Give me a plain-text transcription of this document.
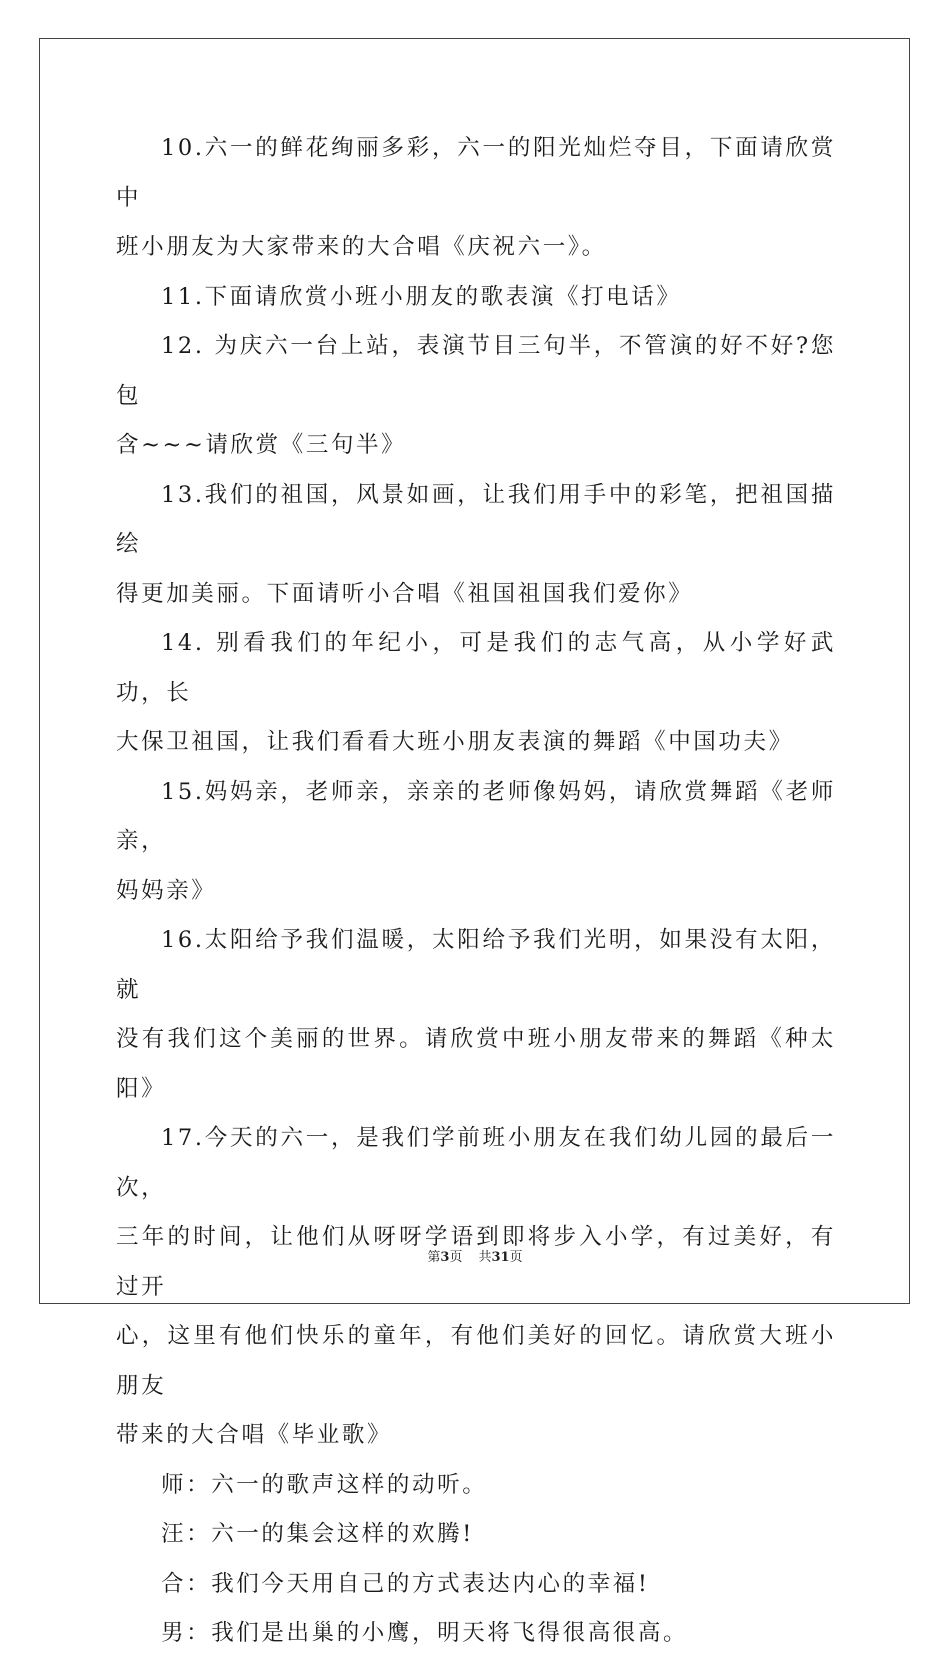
10.六一的鲜花绚丽多彩，六一的阳光灿烂夺目，下面请欣赏中
班小朋友为大家带来的大合唱《庆祝六一》。

11.下面请欣赏小班小朋友的歌表演《打电话》

12. 为庆六一台上站，表演节目三句半，不管演的好不好?您包
含~~~请欣赏《三句半》

13.我们的祖国，风景如画，让我们用手中的彩笔，把祖国描绘
得更加美丽。下面请听小合唱《祖国祖国我们爱你》

14. 别看我们的年纪小，可是我们的志气高，从小学好武功，长
大保卫祖国，让我们看看大班小朋友表演的舞蹈《中国功夫》

15.妈妈亲，老师亲，亲亲的老师像妈妈，请欣赏舞蹈《老师亲，
妈妈亲》

16.太阳给予我们温暖，太阳给予我们光明，如果没有太阳，就
没有我们这个美丽的世界。请欣赏中班小朋友带来的舞蹈《种太阳》

17.今天的六一，是我们学前班小朋友在我们幼儿园的最后一次，
三年的时间，让他们从呀呀学语到即将步入小学，有过美好，有过开
心，这里有他们快乐的童年，有他们美好的回忆。请欣赏大班小朋友
带来的大合唱《毕业歌》

师：六一的歌声这样的动听。

汪：六一的集会这样的欢腾!

合：我们今天用自己的方式表达内心的幸福!

男：我们是出巢的小鹰，明天将飞得很高很高。

第3页 共31页
